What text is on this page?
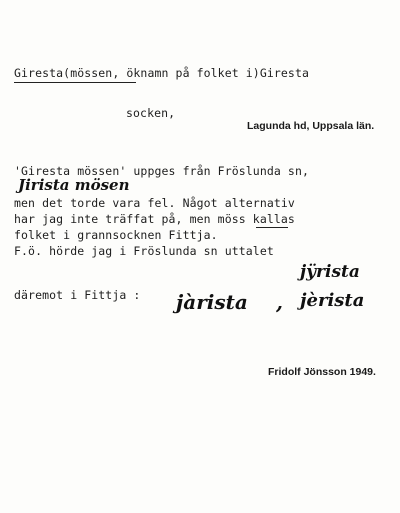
Giresta(mössen, öknamn på folket i)Giresta

socken,

Lagunda hd, Uppsala län.

'Giresta mössen' uppges från Fröslunda sn,

Jirista mösen

men det torde vara fel. Något alternativ

har jag inte träffat på, men möss kallas

folket i grannsocknen Fittja.

F.ö. hörde jag i Fröslunda sn uttalet

jÿrista

däremot i Fittja : jàrista , jèrista

Fridolf Jönsson 1949.
